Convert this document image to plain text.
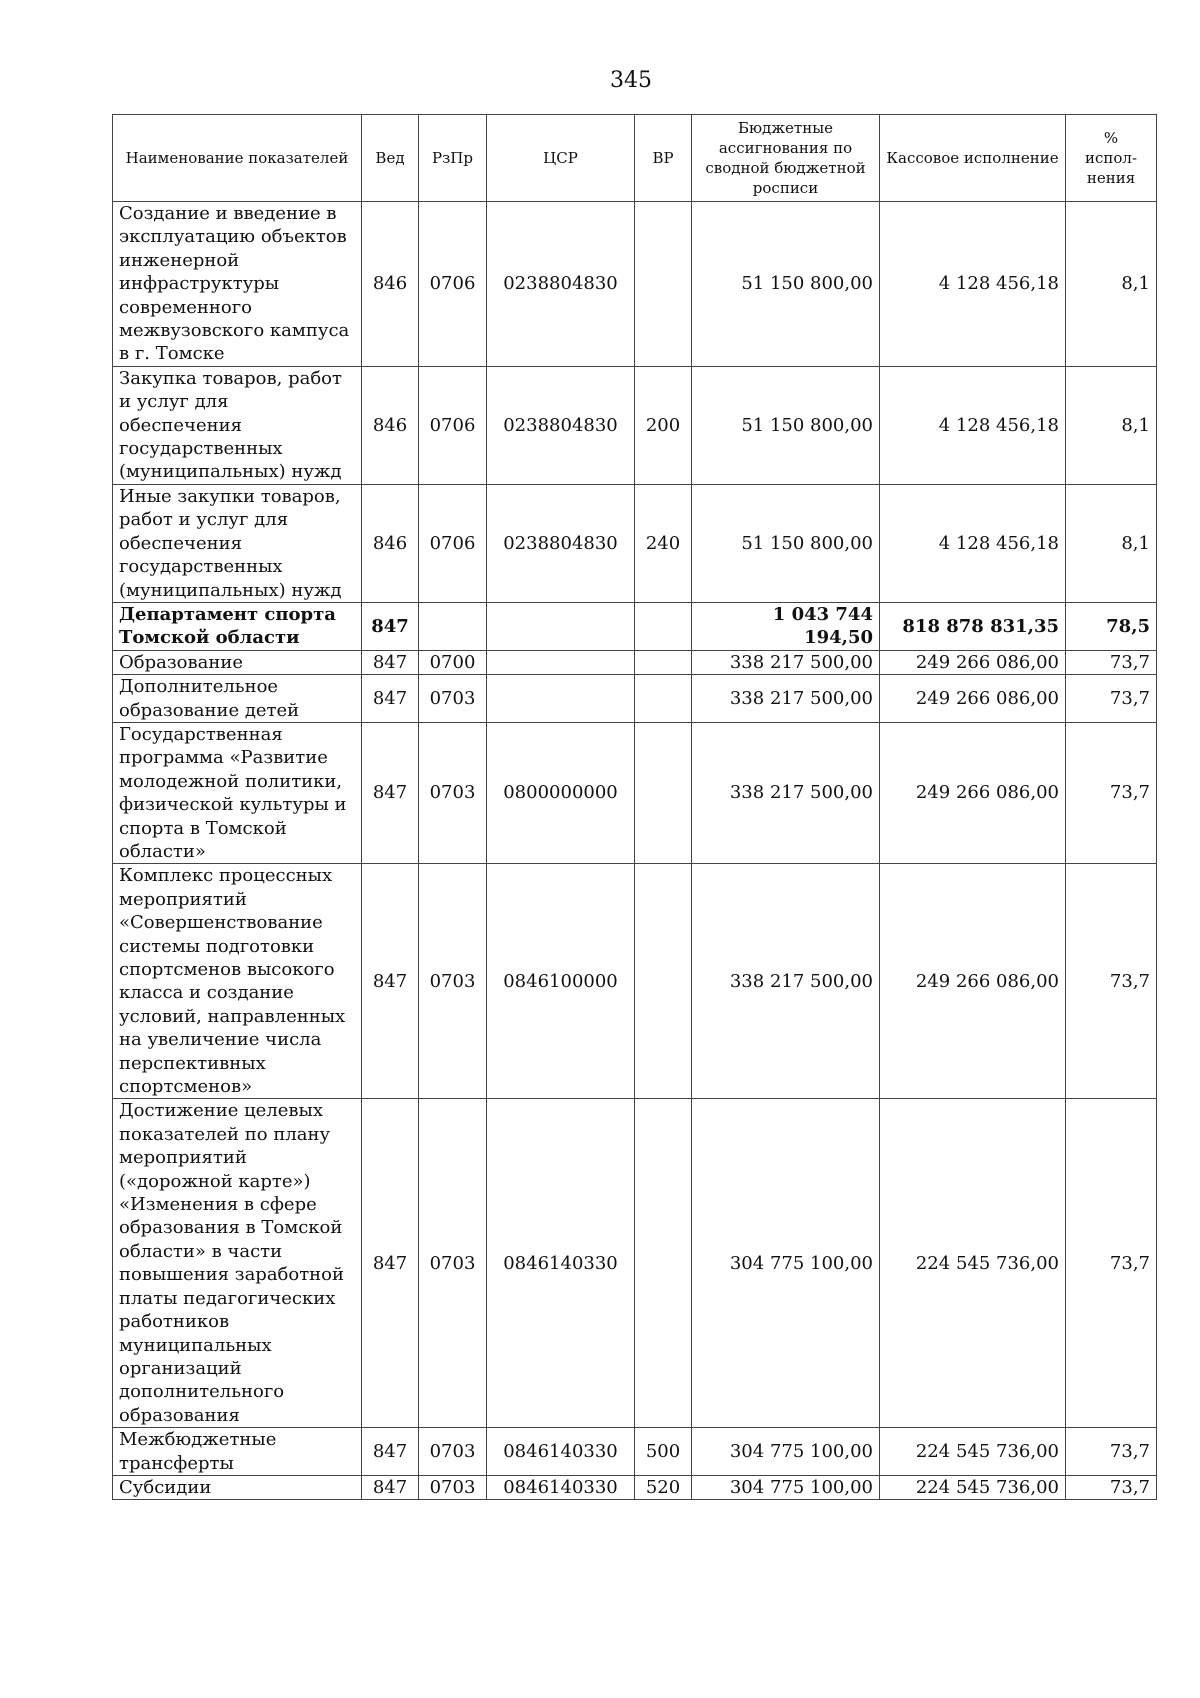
345
Наименование показателей	Вед	РзПр	ЦСР	ВР	Бюджетные ассигнования по сводной бюджетной росписи	Кассовое исполнение	%
испол-
нения
Создание и введение в эксплуатацию объектов инженерной инфраструктуры современного межвузовского кампуса в г. Томске	846	0706	0238804830		51 150 800,00	4 128 456,18	8,1
Закупка товаров, работ и услуг для обеспечения государственных (муниципальных) нужд	846	0706	0238804830	200	51 150 800,00	4 128 456,18	8,1
Иные закупки товаров, работ и услуг для обеспечения государственных (муниципальных) нужд	846	0706	0238804830	240	51 150 800,00	4 128 456,18	8,1
Департамент спорта Томской области	847				1 043 744 194,50	818 878 831,35	78,5
Образование	847	0700			338 217 500,00	249 266 086,00	73,7
Дополнительное образование детей	847	0703			338 217 500,00	249 266 086,00	73,7
Государственная программа «Развитие молодежной политики, физической культуры и спорта в Томской области»	847	0703	0800000000		338 217 500,00	249 266 086,00	73,7
Комплекс процессных мероприятий «Совершенствование системы подготовки спортсменов высокого класса и создание условий, направленных на увеличение числа перспективных спортсменов»	847	0703	0846100000		338 217 500,00	249 266 086,00	73,7
Достижение целевых показателей по плану мероприятий («дорожной карте») «Изменения в сфере образования в Томской области» в части повышения заработной платы педагогических работников муниципальных организаций дополнительного образования	847	0703	0846140330		304 775 100,00	224 545 736,00	73,7
Межбюджетные трансферты	847	0703	0846140330	500	304 775 100,00	224 545 736,00	73,7
Субсидии	847	0703	0846140330	520	304 775 100,00	224 545 736,00	73,7
